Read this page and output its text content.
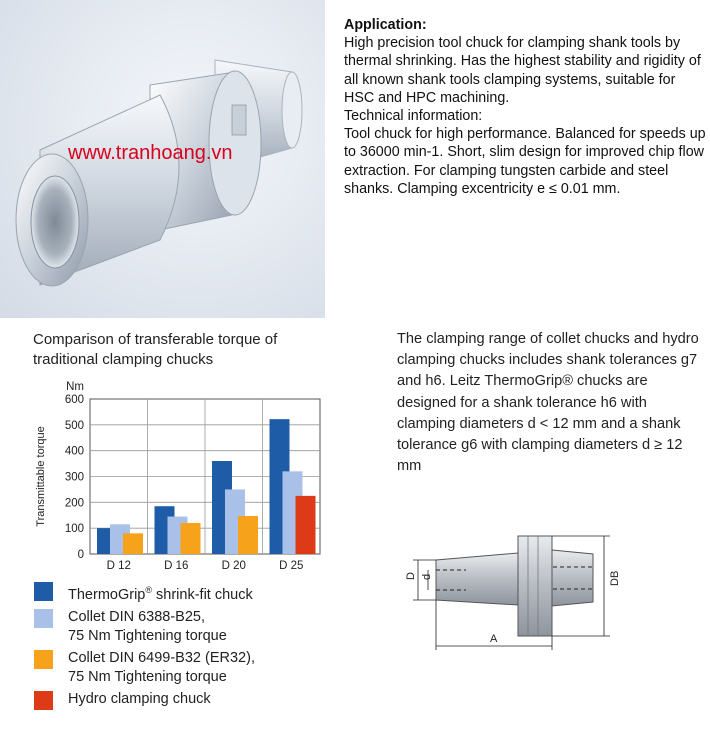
www.tranhoang.vn

Application:

High precision tool chuck for clamping shank tools by thermal shrinking. Has the highest stability and rigidity of all known shank tools clamping systems, suitable for HSC and HPC machining.

Technical information:

Tool chuck for high performance. Balanced for speeds up to 36000 min-1. Short, slim design for improved chip flow extraction. For clamping tungsten carbide and steel shanks. Clamping excentricity e ≤ 0.01 mm.

Comparison of transferable torque of traditional clamping chucks
0
100
200
300
400
500
600
Nm
Transmittable torque
D 12	D 16	D 20	D 25
ThermoGrip® shrink-fit chuck
Collet DIN 6388-B25,
75 Nm Tightening torque
Collet DIN 6499-B32 (ER32),
75 Nm Tightening torque
Hydro clamping chuck

The clamping range of collet chucks and hydro clamping chucks includes shank tolerances g7 and h6. Leitz ThermoGrip® chucks are designed for a shank tolerance h6 with clamping diameters d < 12 mm and a shank tolerance g6 with clamping diameters d ≥ 12 mm

D d	DB
A
